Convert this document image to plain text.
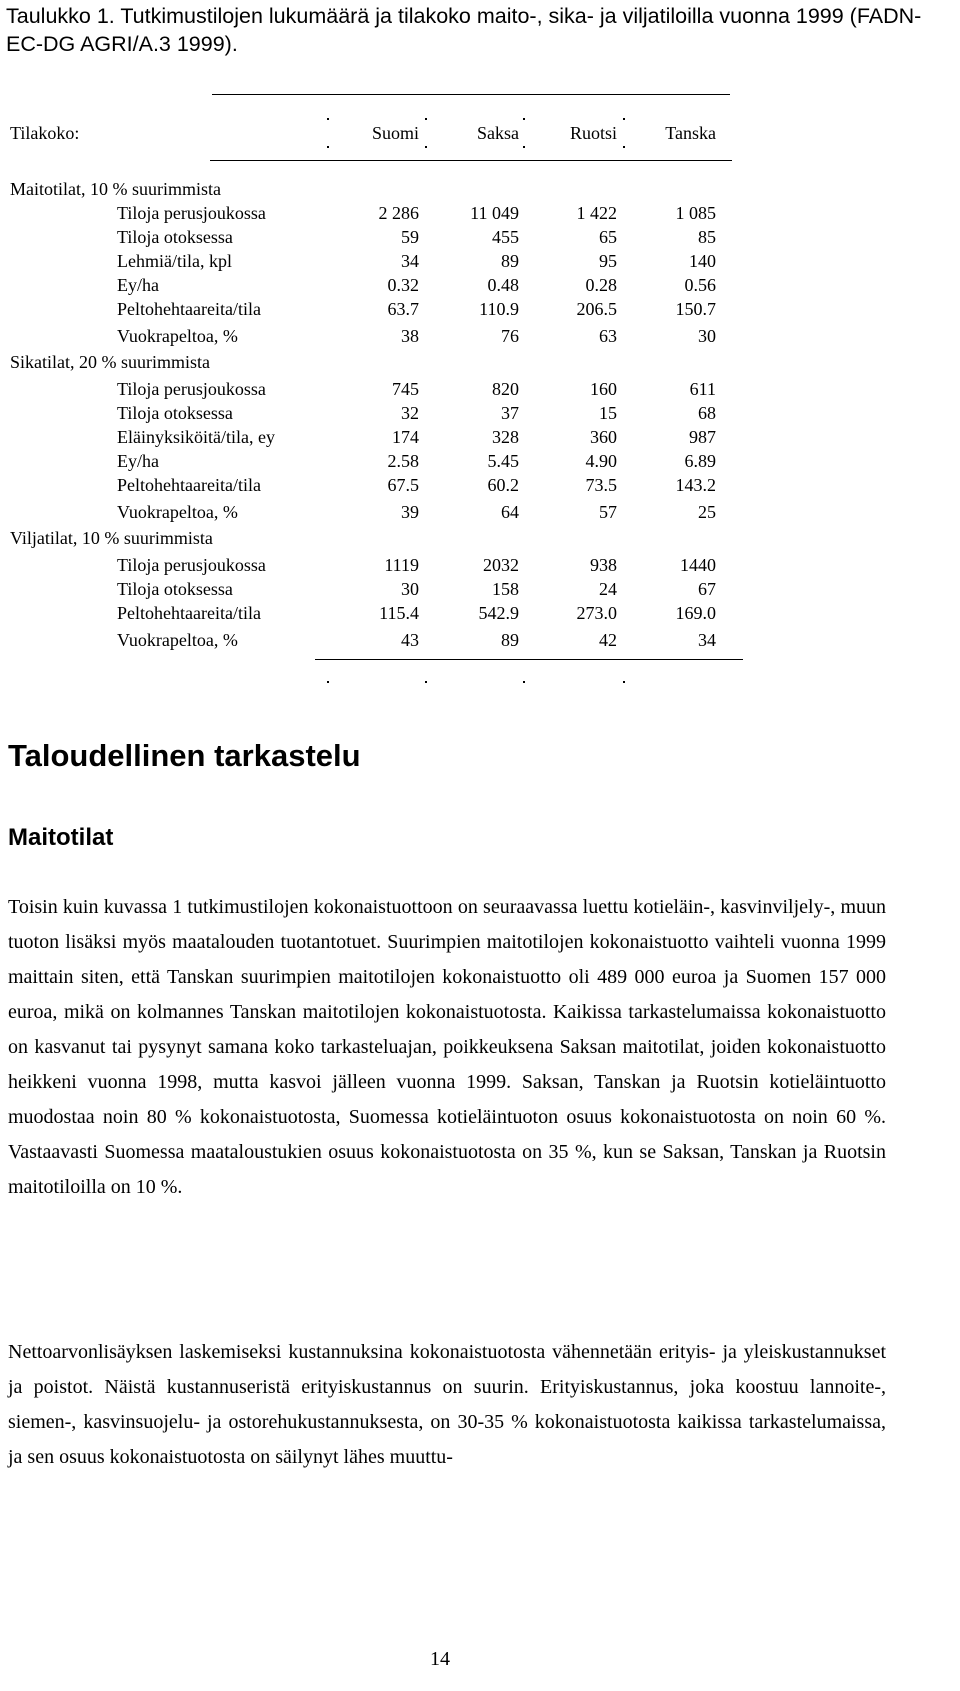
Taulukko 1. Tutkimustilojen lukumäärä ja tilakoko maito-, sika- ja viljatiloilla vuonna 1999 (FADN-EC-DG AGRI/A.3 1999).

Tilakoko:	Suomi	Saksa	Ruotsi	Tanska
Maitotilat, 10 % suurimmista
Tiloja perusjoukossa	2 286	11 049	1 422	1 085
Tiloja otoksessa	59	455	65	85
Lehmiä/tila, kpl	34	89	95	140
Ey/ha	0.32	0.48	0.28	0.56
Peltohehtaareita/tila	63.7	110.9	206.5	150.7
Vuokrapeltoa, %	38	76	63	30
Sikatilat, 20 % suurimmista
Tiloja perusjoukossa	745	820	160	611
Tiloja otoksessa	32	37	15	68
Eläinyksiköitä/tila, ey	174	328	360	987
Ey/ha	2.58	5.45	4.90	6.89
Peltohehtaareita/tila	67.5	60.2	73.5	143.2
Vuokrapeltoa, %	39	64	57	25
Viljatilat, 10 % suurimmista
Tiloja perusjoukossa	1119	2032	938	1440
Tiloja otoksessa	30	158	24	67
Peltohehtaareita/tila	115.4	542.9	273.0	169.0
Vuokrapeltoa, %	43	89	42	34
Taloudellinen tarkastelu
Maitotilat

Toisin kuin kuvassa 1 tutkimustilojen kokonaistuottoon on seuraavassa luettu kotieläin-, kasvinviljely-, muun tuoton lisäksi myös maatalouden tuotantotuet. Suurimpien maitotilojen kokonaistuotto vaihteli vuonna 1999 maittain siten, että Tanskan suurimpien maitotilojen kokonaistuotto oli 489 000 euroa ja Suomen 157 000 euroa, mikä on kolmannes Tanskan maitotilojen kokonaistuotosta. Kaikissa tarkastelumaissa kokonaistuotto on kasvanut tai pysynyt samana koko tarkasteluajan, poikkeuksena Saksan maitotilat, joiden kokonaistuotto heikkeni vuonna 1998, mutta kasvoi jälleen vuonna 1999. Saksan, Tanskan ja Ruotsin kotieläintuotto muodostaa noin 80 % kokonaistuotosta, Suomessa kotieläintuoton osuus kokonaistuotosta on noin 60 %. Vastaavasti Suomessa maataloustukien osuus kokonaistuotosta on 35 %, kun se Saksan, Tanskan ja Ruotsin maitotiloilla on 10 %.

Nettoarvonlisäyksen laskemiseksi kustannuksina kokonaistuotosta vähennetään erityis- ja yleiskustannukset ja poistot. Näistä kustannuseristä erityiskustannus on suurin. Erityiskustannus, joka koostuu lannoite-, siemen-, kasvinsuojelu- ja ostorehukustannuksesta, on 30-35 % kokonaistuotosta kaikissa tarkastelumaissa, ja sen osuus kokonaistuotosta on säilynyt lähes muuttu-

14
